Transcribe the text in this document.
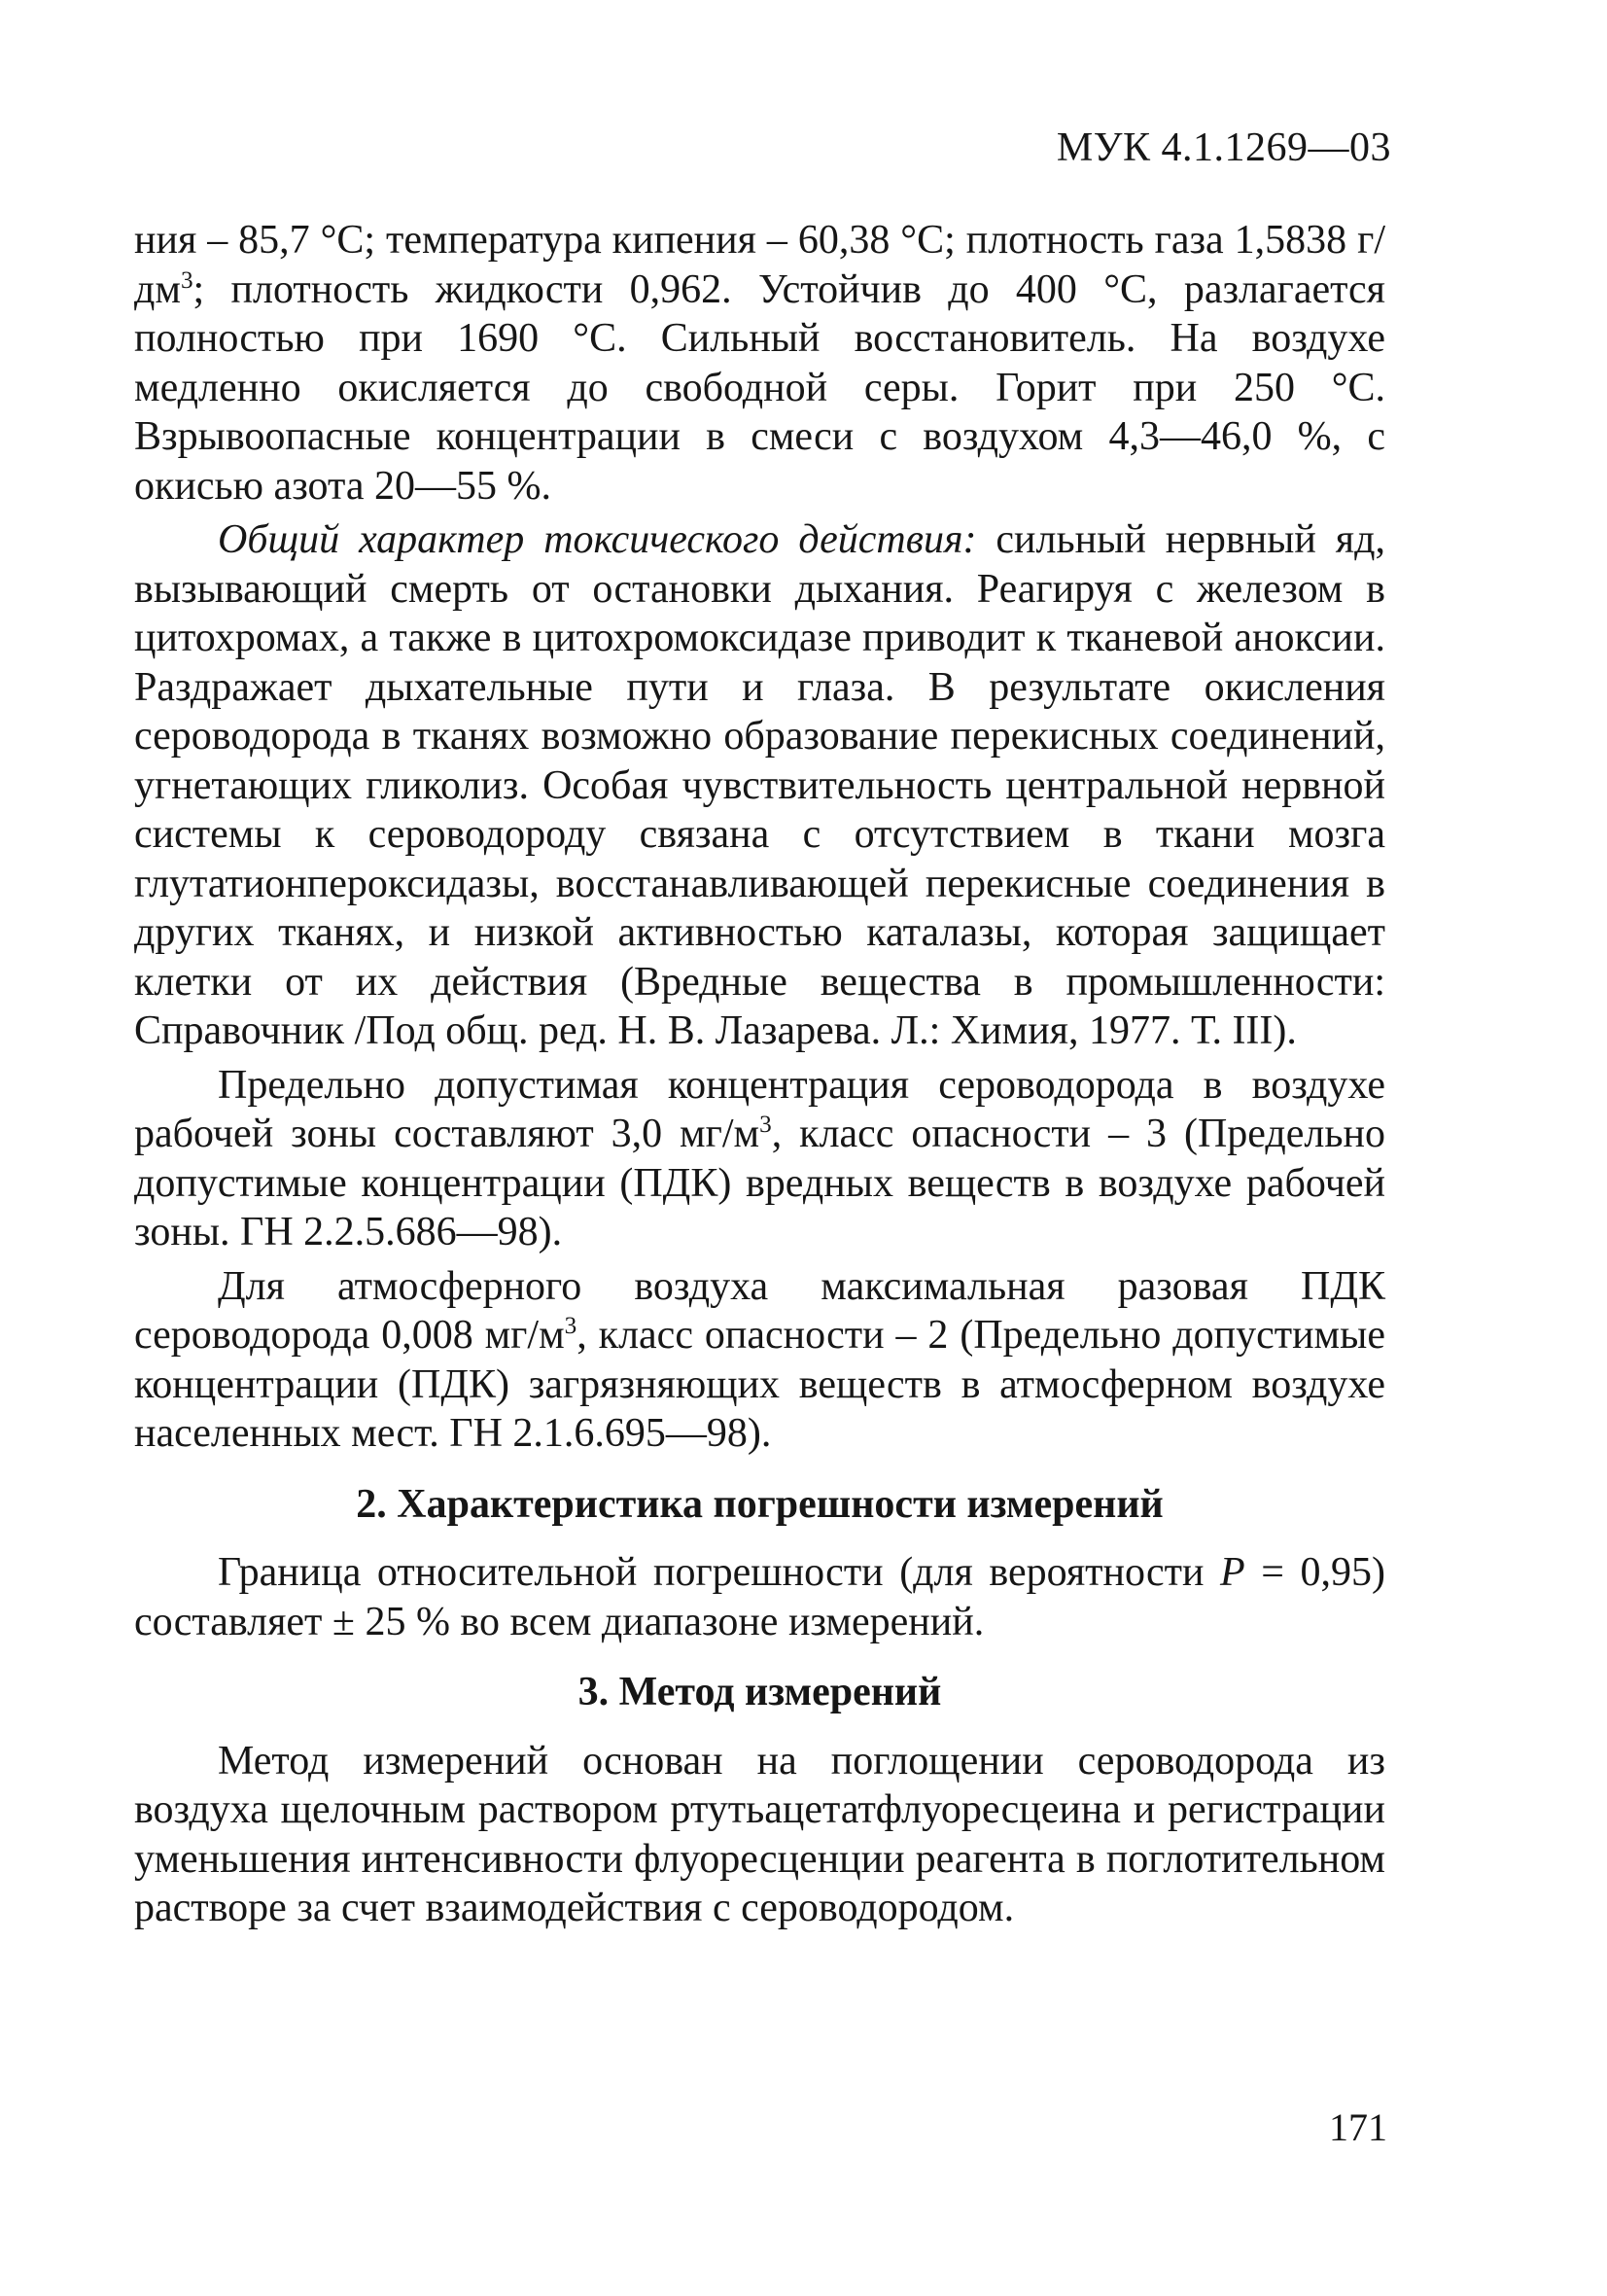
МУК 4.1.1269—03

ния – 85,7 °С; температура кипения – 60,38 °С; плотность газа 1,5838 $г/дм^3$; плотность жидкости 0,962. Устойчив до 400 °С, разлагается полностью при 1690 °С. Сильный восстановитель. На воздухе медленно окисляется до свободной серы. Горит при 250 °С. Взрывоопасные концентрации в смеси с воздухом 4,3—46,0 %, с окисью азота 20—55 %.

Общий характер токсического действия: сильный нервный яд, вызывающий смерть от остановки дыхания. Реагируя с железом в цитохромах, а также в цитохромоксидазе приводит к тканевой аноксии. Раздражает дыхательные пути и глаза. В результате окисления сероводорода в тканях возможно образование перекисных соединений, угнетающих гликолиз. Особая чувствительность центральной нервной системы к сероводороду связана с отсутствием в ткани мозга глутатионпероксидазы, восстанавливающей перекисные соединения в других тканях, и низкой активностью каталазы, которая защищает клетки от их действия (Вредные вещества в промышленности: Справочник /Под общ. ред. Н. В. Лазарева. Л.: Химия, 1977. Т. III).

Предельно допустимая концентрация сероводорода в воздухе рабочей зоны составляют 3,0 $мг/м^3$, класс опасности – 3 (Предельно допустимые концентрации (ПДК) вредных веществ в воздухе рабочей зоны. ГН 2.2.5.686—98).

Для атмосферного воздуха максимальная разовая ПДК сероводорода 0,008 $мг/м^3$, класс опасности – 2 (Предельно допустимые концентрации (ПДК) загрязняющих веществ в атмосферном воздухе населенных мест. ГН 2.1.6.695—98).

2. Характеристика погрешности измерений

Граница относительной погрешности (для вероятности P = 0,95) составляет ± 25 % во всем диапазоне измерений.

3. Метод измерений

Метод измерений основан на поглощении сероводорода из воздуха щелочным раствором ртутьацетатфлуоресцеина и регистрации уменьшения интенсивности флуоресценции реагента в поглотительном растворе за счет взаимодействия с сероводородом.

171
